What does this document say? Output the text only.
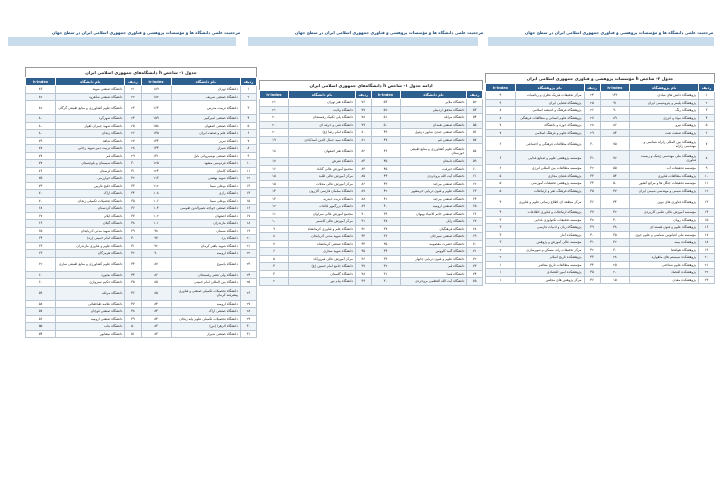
مرجعیت علمی دانشگاه ها و مؤسسات پژوهشی و فناوری جمهوری اسلامی ایران در سطح جهان	مرجعیت علمی دانشگاه ها و مؤسسات پژوهشی و فناوری جمهوری اسلامی ایران در سطح جهان	مرجعیت علمی دانشگاه ها و مؤسسات پژوهشی و فناوری جمهوری اسلامی ایران در سطح جهان
جدول ۱- شاخص h دانشگاه‌های جمهوری اسلامی ایران
ردیف	نام دانشگاه	h-index	ردیف	نام دانشگاه	h-index
۱	دانشگاه تهران	۱۸۹	۲۱	دانشگاه صنعتی سهند	۸۳
۲	دانشگاه صنعتی شریف	۱۸۲	۲۲	دانشگاه صنعتی شاهرود	۸۲
۳	دانشگاه تربیت مدرس	۱۶۳	۲۳	دانشگاه علوم کشاورزی و منابع طبیعی گرگان	۸۲
۴	دانشگاه صنعتی امیرکبیر	۱۵۹	۲۴	دانشگاه شهرکرد	۸۰
۵	دانشگاه صنعتی اصفهان	۱۵۸	۲۵	دانشگاه شهید چمران اهواز	۸۰
۶	دانشگاه علم و صنعت ایران	۱۴۵	۲۶	دانشگاه زنجان	۸۰
۷	دانشگاه تبریز	۱۴۴	۲۷	دانشگاه شاهد	۷۹
۸	دانشگاه شیراز	۱۴۴	۲۸	دانشگاه تربیت دبیر شهید رجایی	۷۸
۹	دانشگاه صنعتی نوشیروانی بابل	۱۳۱	۲۹	دانشگاه قم	۷۷
۱۰	دانشگاه فردوسی مشهد	۱۲۵	۳۰	دانشگاه سیستان و بلوچستان	۷۷
۱۱	دانشگاه کاشان	۱۲۴	۳۱	دانشگاه لرستان	۷۶
۱۲	دانشگاه شهید بهشتی	۱۱۳	۳۲	دانشگاه خوارزمی	۷۵
۱۳	دانشگاه بوعلی سینا	۱۱۲	۳۳	دانشگاه خلیج فارس	۷۳
۱۴	دانشگاه رازی	۱۰۸	۳۴	دانشگاه اراک	۷۰
۱۵	دانشگاه بوعلی سینا	۱۰۶	۳۵	دانشگاه تحصیلات تکمیلی زنجان	۷۰
۱۶	دانشگاه صنعتی خواجه نصیرالدین طوسی	۱۰۴	۳۶	دانشگاه کردستان	۶۸
۱۷	دانشگاه اصفهان	۱۰۲	۳۷	دانشگاه ایلام	۶۷
۱۸	دانشگاه مازندران	۱۰۱	۳۸	دانشگاه گیلان	۶۶
۱۹	دانشگاه سمنان	۹۸	۳۹	دانشگاه شهید مدنی آذربایجان	۶۵
۲۰	دانشگاه یزد	۹۷	۴۰	دانشگاه امام خمینی (ره)	۶۴
۲۱	دانشگاه شهید باهنر کرمان	۹۲	۴۱	دانشگاه علوم و فناوری مازندران	۶۳
۲۲	دانشگاه ارومیه	۹۰	۴۲	دانشگاه هرمزگان	۶۳
۲۳	دانشگاه یاسوج	۸۷	۴۳	دانشگاه علوم کشاورزی و منابع طبیعی ساری	۶۲
۲۴	دانشگاه ولی عصر رفسنجان	۸۶	۴۴	دانشگاه بجنورد	۶۰
۲۵	دانشگاه بین المللی امام خمینی	۸۵	۴۵	دانشگاه حکیم سبزواری	۶۰
۲۶	دانشگاه تحصیلات تکمیلی صنعتی و فناوری پیشرفته کرمان	۸۵	۴۶	دانشگاه مراغه	۵۹
۲۷	دانشگاه ارومیه	۸۴	۴۷	دانشگاه علامه طباطبائی	۵۸
۲۸	دانشگاه صنعتی اراک	۸۴	۴۸	دانشگاه صنعتی قوچان	۵۷
۲۹	دانشگاه تحصیلات تکمیلی علوم پایه زنجان	۸۴	۴۹	دانشگاه صنعتی ارومیه	۵۶
۳۰	دانشگاه الزهرا (س)	۸۳	۵۰	دانشگاه بناب	۵۵
۳۱	دانشگاه صنعتی شیراز	۸۳	۵۱	دانشگاه نیشابور	۵۴
ادامه جدول ۱- شاخص h دانشگاه‌های جمهوری اسلامی ایران
ردیف	نام دانشگاه	h-index	ردیف	نام دانشگاه	h-index
۵۲	دانشگاه ملایر	۵۳	۷۶	دانشگاه هنر تهران	۲۱
۵۳	دانشگاه محقق اردبیلی	۵۲	۷۷	دانشگاه ولایت	۲۱
۵۴	دانشگاه مراغه	۵۱	۷۸	دانشگاه پلی تکنیک رفسنجان	۲۰
۵۵	دانشگاه صنعتی همدان	۵۰	۷۹	دانشگاه فنی و حرفه ای	۲۰
۵۶	دانشگاه صنعتی جندی شاپور دزفول	۴۹	۸۰	دانشگاه امام رضا (ع)	۲۰
۵۷	دانشگاه صنعتی قم	۴۷	۸۱	دانشگاه سید جمال الدین اسدآبادی	۱۹
۵۸	دانشگاه علوم کشاورزی و منابع طبیعی خوزستان	۴۶	۸۲	دانشگاه هنر اصفهان	۱۸
۵۹	دانشگاه دامغان	۴۵	۸۳	دانشگاه تفرش	۱۷
۶۰	دانشگاه جیرفت	۴۵	۸۴	مجتمع آموزش عالی گناباد	۱۶
۶۱	دانشگاه آیت الله بروجردی	۴۴	۸۵	مرکز آموزش عالی اقلید	۱۵
۶۲	دانشگاه صنعتی بیرجند	۴۳	۸۶	مرکز آموزش عالی محلات	۱۵
۶۳	دانشگاه علوم و فنون دریایی خرمشهر	۴۲	۸۷	دانشگاه سلمان فارسی کازرون	۱۴
۶۴	دانشگاه صنعتی بیرجند	۴۱	۸۸	دانشگاه تربت حیدریه	۱۳
۶۵	دانشگاه صنعتی ارومیه	۴۰	۸۹	دانشگاه بزرگمهر قائنات	۱۲
۶۶	دانشگاه صنعتی خاتم الانبیاء بهبهان	۳۹	۹۰	مجتمع آموزش عالی سراوان	۱۱
۶۷	دانشگاه زابل	۳۸	۹۱	مرکز آموزش عالی کاشمر	۱۰
۶۸	دانشگاه فرهنگیان	۳۷	۹۲	دانشگاه علم و فناوری کرمانشاه	۹
۶۹	دانشگاه صنعتی سیرجان	۳۶	۹۳	دانشگاه شهید مدنی آذربایجان	۸
۷۰	دانشگاه حضرت معصومه	۳۵	۹۴	دانشگاه صنعتی کرمانشاه	۷
۷۱	دانشگاه گنبد کاووس	۳۴	۹۵	دانشگاه شهید ستاری	۶
۷۲	دانشگاه علوم و فنون دریایی چابهار	۳۳	۹۶	مرکز آموزش عالی فیروزآباد	۵
۷۳	دانشگاه قم	۳۲	۹۷	دانشگاه جامع امام حسین (ع)	۴
۷۴	دانشگاه فسا	۳۱	۹۸	دانشگاه گلستان	۳
۷۵	دانشگاه آیت الله العظمی بروجردی	۳۰	۹۹	دانشگاه پیام نور	۲
جدول ۲- شاخص h مؤسسات پژوهشی و فناوری جمهوری اسلامی ایران
ردیف	نام پژوهشگاه	h-index	ردیف	نام پژوهشگاه	h-index
۱	پژوهشگاه دانش های بنیادی	۱۴۶	۲۴	مرکز تحقیقات فیزیک نظری و ریاضیات	۹
۲	پژوهشگاه پلیمر و پتروشیمی ایران	۹۱	۲۵	پژوهشگاه فضایی ایران	۹
۳	پژوهشگاه رنگ	۹۰	۲۶	پژوهشگاه فرهنگ و اندیشه اسلامی	۸
۴	پژوهشگاه مواد و انرژی	۸۹	۲۷	پژوهشگاه علوم انسانی و مطالعات فرهنگی	۸
۵	پژوهشگاه نیرو	۸۶	۲۸	پژوهشگاه حوزه و دانشگاه	۷
۶	پژوهشگاه صنعت نفت	۸۴	۲۹	پژوهشگاه علوم و فرهنگ اسلامی	۷
۷	پژوهشگاه بین المللی زلزله شناسی و مهندسی زلزله	۷۵	۳۰	پژوهشگاه مطالعات فرهنگی و اجتماعی	۶
۸	پژوهشگاه ملی مهندسی ژنتیک و زیست فناوری	۷۲	۳۱	مؤسسه پژوهشی علوم و صنایع غذایی	۶
۹	مؤسسه تحقیقات آب	۵۵	۳۲	مؤسسه مطالعات بین المللی انرژی	۶
۱۰	پژوهشگاه مطالعات فناوری	۵۴	۳۳	پژوهشگاه فضای مجازی	۵
۱۱	مؤسسه تحقیقات جنگل ها و مراتع کشور	۵۰	۳۴	مؤسسه پژوهشی تحقیقات آموزشی	۵
۱۲	پژوهشگاه شیمی و مهندسی شیمی ایران	۴۷	۳۵	پژوهشگاه فرهنگ، هنر و ارتباطات	۵
۱۳	پژوهشگاه فناوری های نوین	۴۴	۳۶	مرکز منطقه ای اطلاع رسانی علوم و فناوری	۴
۱۴	مؤسسه آموزش عالی علمی کاربردی	۴۲	۳۷	پژوهشگاه ارتباطات و فناوری اطلاعات	۴
۱۵	پژوهشگاه رویان	۴۰	۳۸	مؤسسه تحقیقات تکنولوژی غذایی	۳
۱۶	پژوهشگاه علوم و فنون هسته ای	۳۸	۳۹	پژوهشگاه زبان و ادبیات فارسی	۳
۱۷	مؤسسه ملی اقیانوس شناسی و علوم جوی	۳۵	۴۰	پژوهشکده آمار	۳
۱۸	پژوهشکده بیمه	۳۲	۴۱	مؤسسه عالی آموزش و پژوهش	۳
۱۹	پژوهشگاه هوافضا	۳۰	۴۲	مرکز تحقیقات راه، مسکن و شهرسازی	۲
۲۰	پژوهشکده سیستم های ماهواره	۲۸	۴۳	پژوهشکده تاریخ اسلام	۲
۲۱	پژوهشگاه علوم شناختی	۲۵	۴۴	مؤسسه مطالعات تاریخ معاصر	۱
۲۲	پژوهشکده اقتصاد	۲۰	۴۵	پژوهشکده امور اقتصادی	۱
۲۳	پژوهشکده معدن	۱۵	۴۶	مرکز پژوهش های مجلس	۱
